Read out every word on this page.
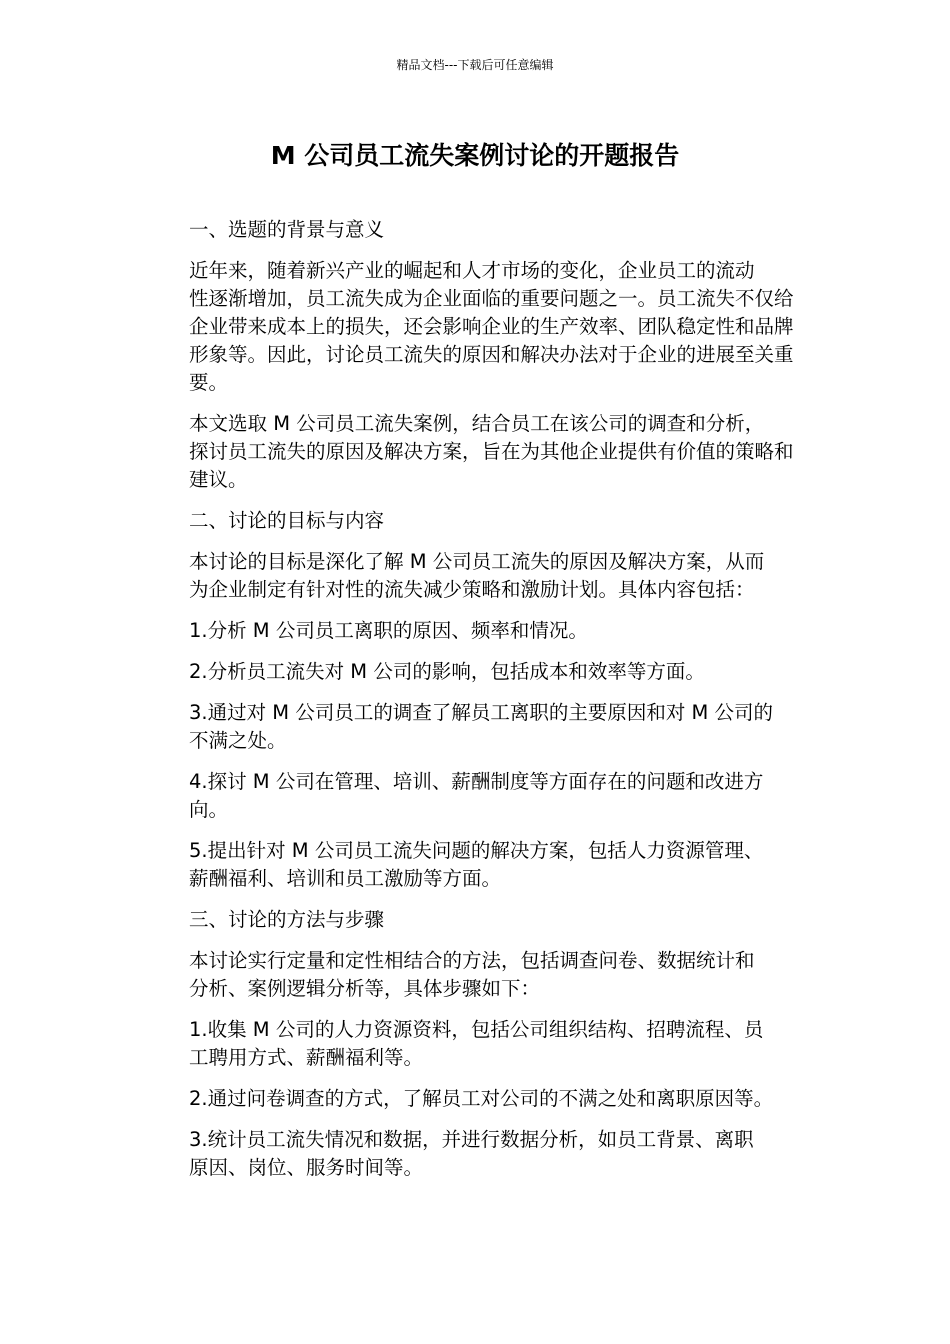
精品文档---下载后可任意编辑
M 公司员工流失案例讨论的开题报告
一、选题的背景与意义
近年来，随着新兴产业的崛起和人才市场的变化，企业员工的流动
性逐渐增加，员工流失成为企业面临的重要问题之一。员工流失不仅给
企业带来成本上的损失，还会影响企业的生产效率、团队稳定性和品牌
形象等。因此，讨论员工流失的原因和解决办法对于企业的进展至关重
要。
本文选取 M 公司员工流失案例，结合员工在该公司的调查和分析，
探讨员工流失的原因及解决方案，旨在为其他企业提供有价值的策略和
建议。
二、讨论的目标与内容
本讨论的目标是深化了解 M 公司员工流失的原因及解决方案，从而
为企业制定有针对性的流失减少策略和激励计划。具体内容包括：
1.分析 M 公司员工离职的原因、频率和情况。
2.分析员工流失对 M 公司的影响，包括成本和效率等方面。
3.通过对 M 公司员工的调查了解员工离职的主要原因和对 M 公司的
不满之处。
4.探讨 M 公司在管理、培训、薪酬制度等方面存在的问题和改进方
向。
5.提出针对 M 公司员工流失问题的解决方案，包括人力资源管理、
薪酬福利、培训和员工激励等方面。
三、讨论的方法与步骤
本讨论实行定量和定性相结合的方法，包括调查问卷、数据统计和
分析、案例逻辑分析等，具体步骤如下：
1.收集 M 公司的人力资源资料，包括公司组织结构、招聘流程、员
工聘用方式、薪酬福利等。
2.通过问卷调查的方式，了解员工对公司的不满之处和离职原因等。
3.统计员工流失情况和数据，并进行数据分析，如员工背景、离职
原因、岗位、服务时间等。
